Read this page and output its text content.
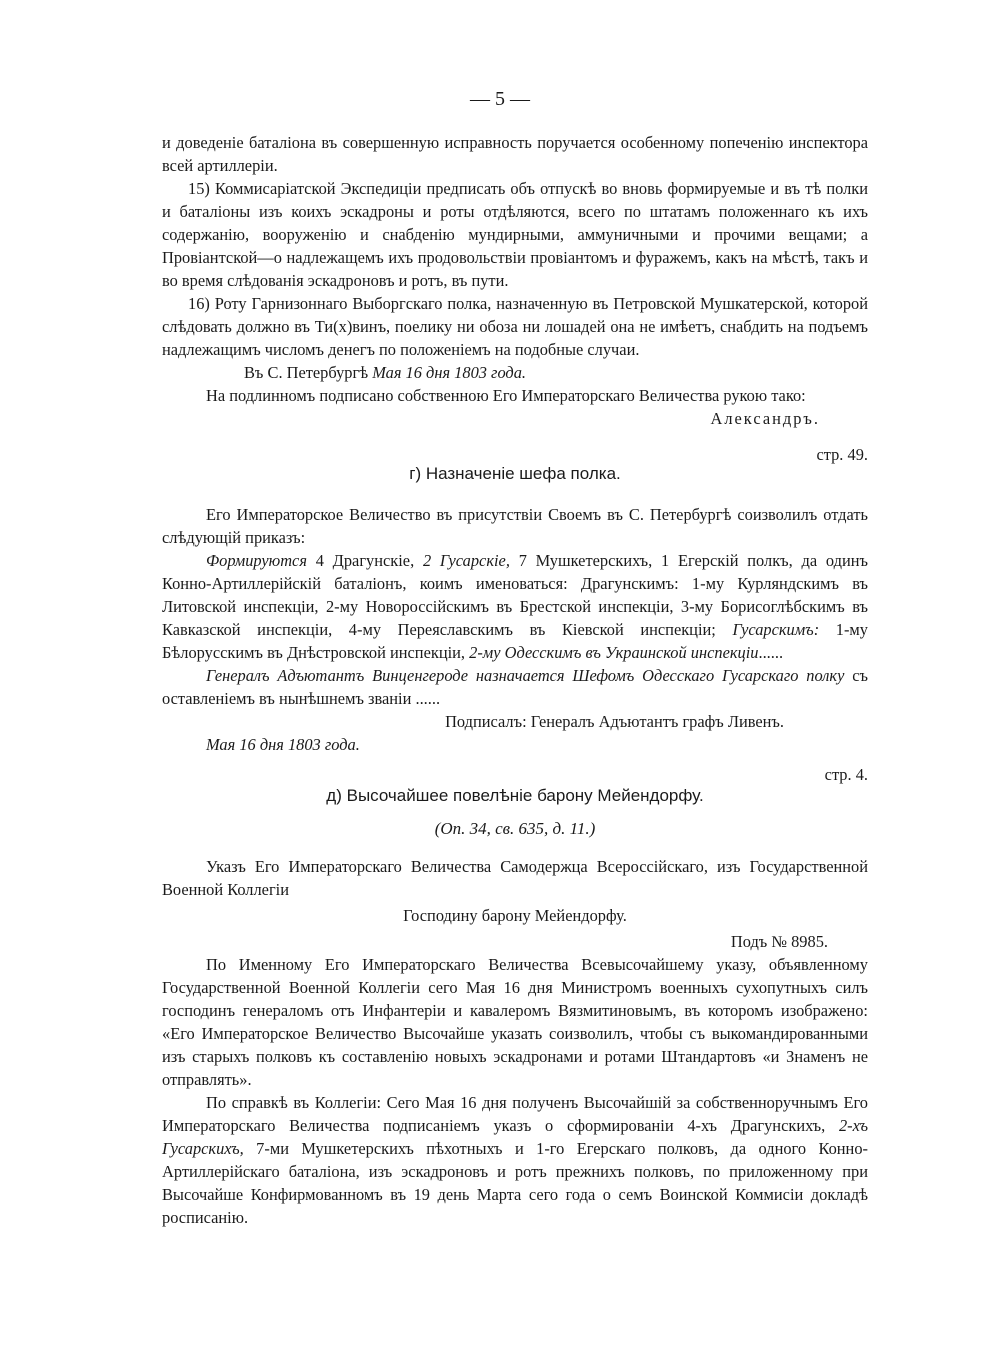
— 5 —

и доведеніе баталіона въ совершенную исправность поручается особенному попеченію инспектора всей артиллеріи.

15) Коммисаріатской Экспедиціи предписать объ отпускѣ во вновь формируемые и въ тѣ полки и баталіоны изъ коихъ эскадроны и роты отдѣляются, всего по штатамъ положеннаго къ ихъ содержанію, вооруженію и снабденію мундирными, аммуничными и прочими вещами; а Провіантской—о надлежащемъ ихъ продовольствіи провіантомъ и фуражемъ, какъ на мѣстѣ, такъ и во время слѣдованія эскадроновъ и ротъ, въ пути.

16) Роту Гарнизоннаго Выборгскаго полка, назначенную въ Петровской Мушкатерской, которой слѣдовать должно въ Ти(х)винъ, поелику ни обоза ни лошадей она не имѣетъ, снабдить на подъемъ надлежащимъ числомъ денегъ по положеніемъ на подобные случаи.

Въ С. Петербургѣ Мая 16 дня 1803 года.

На подлинномъ подписано собственною Его Императорскаго Величества рукою тако:

Александръ.

стр. 49.

г) Назначеніе шефа полка.

Его Императорское Величество въ присутствіи Своемъ въ С. Петербургѣ соизволилъ отдать слѣдующій приказъ:

Формируются 4 Драгунскіе, 2 Гусарскіе, 7 Мушкетерскихъ, 1 Егерскій полкъ, да одинъ Конно-Артиллерійскій баталіонъ, коимъ именоваться: Драгунскимъ: 1-му Курляндскимъ въ Литовской инспекціи, 2-му Новороссійскимъ въ Брестской инспекціи, 3-му Борисоглѣбскимъ въ Кавказской инспекціи, 4-му Переяславскимъ въ Кіевской инспекціи; Гусарскимъ: 1-му Бѣлорусскимъ въ Днѣстровской инспекціи, 2-му Одесскимъ въ Украинской инспекціи......

Генералъ Адъютантъ Винценгероде назначается Шефомъ Одесскаго Гусарскаго полку съ оставленіемъ въ нынѣшнемъ званіи ......

Подписалъ: Генералъ Адъютантъ графъ Ливенъ.

Мая 16 дня 1803 года.

стр. 4.

д) Высочайшее повелѣніе барону Мейендорфу.

(Оп. 34, св. 635, д. 11.)

Указъ Его Императорскаго Величества Самодержца Всероссійскаго, изъ Государственной Военной Коллегіи

Господину барону Мейендорфу.

Подъ № 8985.

По Именному Его Императорскаго Величества Всевысочайшему указу, объявленному Государственной Военной Коллегіи сего Мая 16 дня Министромъ военныхъ сухопутныхъ силъ господинъ генераломъ отъ Инфантеріи и кавалеромъ Вязмитиновымъ, въ которомъ изображено: «Его Императорское Величество Высочайше указать соизволилъ, чтобы съ выкомандированными изъ старыхъ полковъ къ составленію новыхъ эскадронами и ротами Штандартовъ «и Знаменъ не отправлять».

По справкѣ въ Коллегіи: Сего Мая 16 дня полученъ Высочайшій за собственноручнымъ Его Императорскаго Величества подписаніемъ указъ о сформированіи 4-хъ Драгунскихъ, 2-хъ Гусарскихъ, 7-ми Мушкетерскихъ пѣхотныхъ и 1-го Егерскаго полковъ, да одного Конно-Артиллерійскаго баталіона, изъ эскадроновъ и ротъ прежнихъ полковъ, по приложенному при Высочайше Конфирмованномъ въ 19 день Марта сего года о семъ Воинской Коммисіи докладѣ росписанію.
